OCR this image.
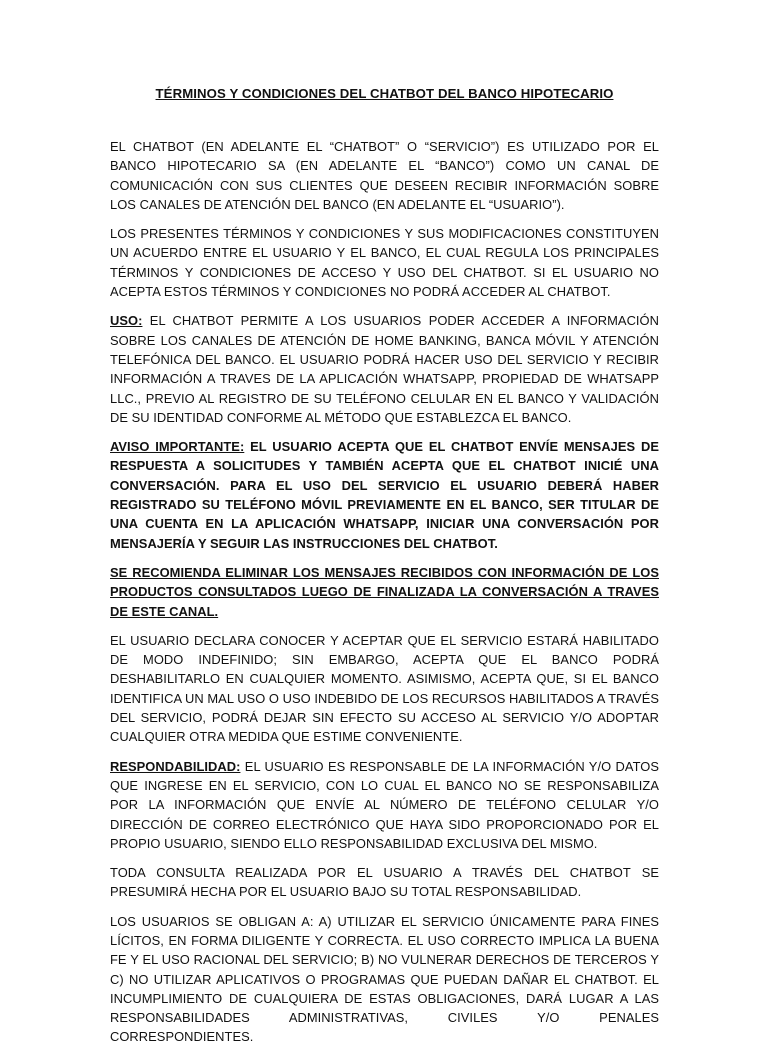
TÉRMINOS Y CONDICIONES DEL CHATBOT DEL BANCO HIPOTECARIO

EL CHATBOT (EN ADELANTE EL “CHATBOT” O “SERVICIO”) ES UTILIZADO POR EL BANCO HIPOTECARIO SA (EN ADELANTE EL “BANCO”) COMO UN CANAL DE COMUNICACIÓN CON SUS CLIENTES QUE DESEEN RECIBIR INFORMACIÓN SOBRE LOS CANALES DE ATENCIÓN DEL BANCO (EN ADELANTE EL “USUARIO”).

LOS PRESENTES TÉRMINOS Y CONDICIONES Y SUS MODIFICACIONES CONSTITUYEN UN ACUERDO ENTRE EL USUARIO Y EL BANCO, EL CUAL REGULA LOS PRINCIPALES TÉRMINOS Y CONDICIONES DE ACCESO Y USO DEL CHATBOT. SI EL USUARIO NO ACEPTA ESTOS TÉRMINOS Y CONDICIONES NO PODRÁ ACCEDER AL CHATBOT.

USO: EL CHATBOT PERMITE A LOS USUARIOS PODER ACCEDER A INFORMACIÓN SOBRE LOS CANALES DE ATENCIÓN DE HOME BANKING, BANCA MÓVIL Y ATENCIÓN TELEFÓNICA DEL BANCO. EL USUARIO PODRÁ HACER USO DEL SERVICIO Y RECIBIR INFORMACIÓN A TRAVES DE LA APLICACIÓN WHATSAPP, PROPIEDAD DE WHATSAPP LLC., PREVIO AL REGISTRO DE SU TELÉFONO CELULAR EN EL BANCO Y VALIDACIÓN DE SU IDENTIDAD CONFORME AL MÉTODO QUE ESTABLEZCA EL BANCO.

AVISO IMPORTANTE: EL USUARIO ACEPTA QUE EL CHATBOT ENVÍE MENSAJES DE RESPUESTA A SOLICITUDES Y TAMBIÉN ACEPTA QUE EL CHATBOT INICIÉ UNA CONVERSACIÓN. PARA EL USO DEL SERVICIO EL USUARIO DEBERÁ HABER REGISTRADO SU TELÉFONO MÓVIL PREVIAMENTE EN EL BANCO, SER TITULAR DE UNA CUENTA EN LA APLICACIÓN WHATSAPP, INICIAR UNA CONVERSACIÓN POR MENSAJERÍA Y SEGUIR LAS INSTRUCCIONES DEL CHATBOT.

SE RECOMIENDA ELIMINAR LOS MENSAJES RECIBIDOS CON INFORMACIÓN DE LOS PRODUCTOS CONSULTADOS LUEGO DE FINALIZADA LA CONVERSACIÓN A TRAVES DE ESTE CANAL.

EL USUARIO DECLARA CONOCER Y ACEPTAR QUE EL SERVICIO ESTARÁ HABILITADO DE MODO INDEFINIDO; SIN EMBARGO, ACEPTA QUE EL BANCO PODRÁ DESHABILITARLO EN CUALQUIER MOMENTO. ASIMISMO, ACEPTA QUE, SI EL BANCO IDENTIFICA UN MAL USO O USO INDEBIDO DE LOS RECURSOS HABILITADOS A TRAVÉS DEL SERVICIO, PODRÁ DEJAR SIN EFECTO SU ACCESO AL SERVICIO Y/O ADOPTAR CUALQUIER OTRA MEDIDA QUE ESTIME CONVENIENTE.

RESPONDABILIDAD: EL USUARIO ES RESPONSABLE DE LA INFORMACIÓN Y/O DATOS QUE INGRESE EN EL SERVICIO, CON LO CUAL EL BANCO NO SE RESPONSABILIZA POR LA INFORMACIÓN QUE ENVÍE AL NÚMERO DE TELÉFONO CELULAR Y/O DIRECCIÓN DE CORREO ELECTRÓNICO QUE HAYA SIDO PROPORCIONADO POR EL PROPIO USUARIO, SIENDO ELLO RESPONSABILIDAD EXCLUSIVA DEL MISMO.

TODA CONSULTA REALIZADA POR EL USUARIO A TRAVÉS DEL CHATBOT SE PRESUMIRÁ HECHA POR EL USUARIO BAJO SU TOTAL RESPONSABILIDAD.

LOS USUARIOS SE OBLIGAN A: A) UTILIZAR EL SERVICIO ÚNICAMENTE PARA FINES LÍCITOS, EN FORMA DILIGENTE Y CORRECTA. EL USO CORRECTO IMPLICA LA BUENA FE Y EL USO RACIONAL DEL SERVICIO; B) NO VULNERAR DERECHOS DE TERCEROS Y C) NO UTILIZAR APLICATIVOS O PROGRAMAS QUE PUEDAN DAÑAR EL CHATBOT. EL INCUMPLIMIENTO DE CUALQUIERA DE ESTAS OBLIGACIONES, DARÁ LUGAR A LAS RESPONSABILIDADES ADMINISTRATIVAS, CIVILES Y/O PENALES CORRESPONDIENTES.
